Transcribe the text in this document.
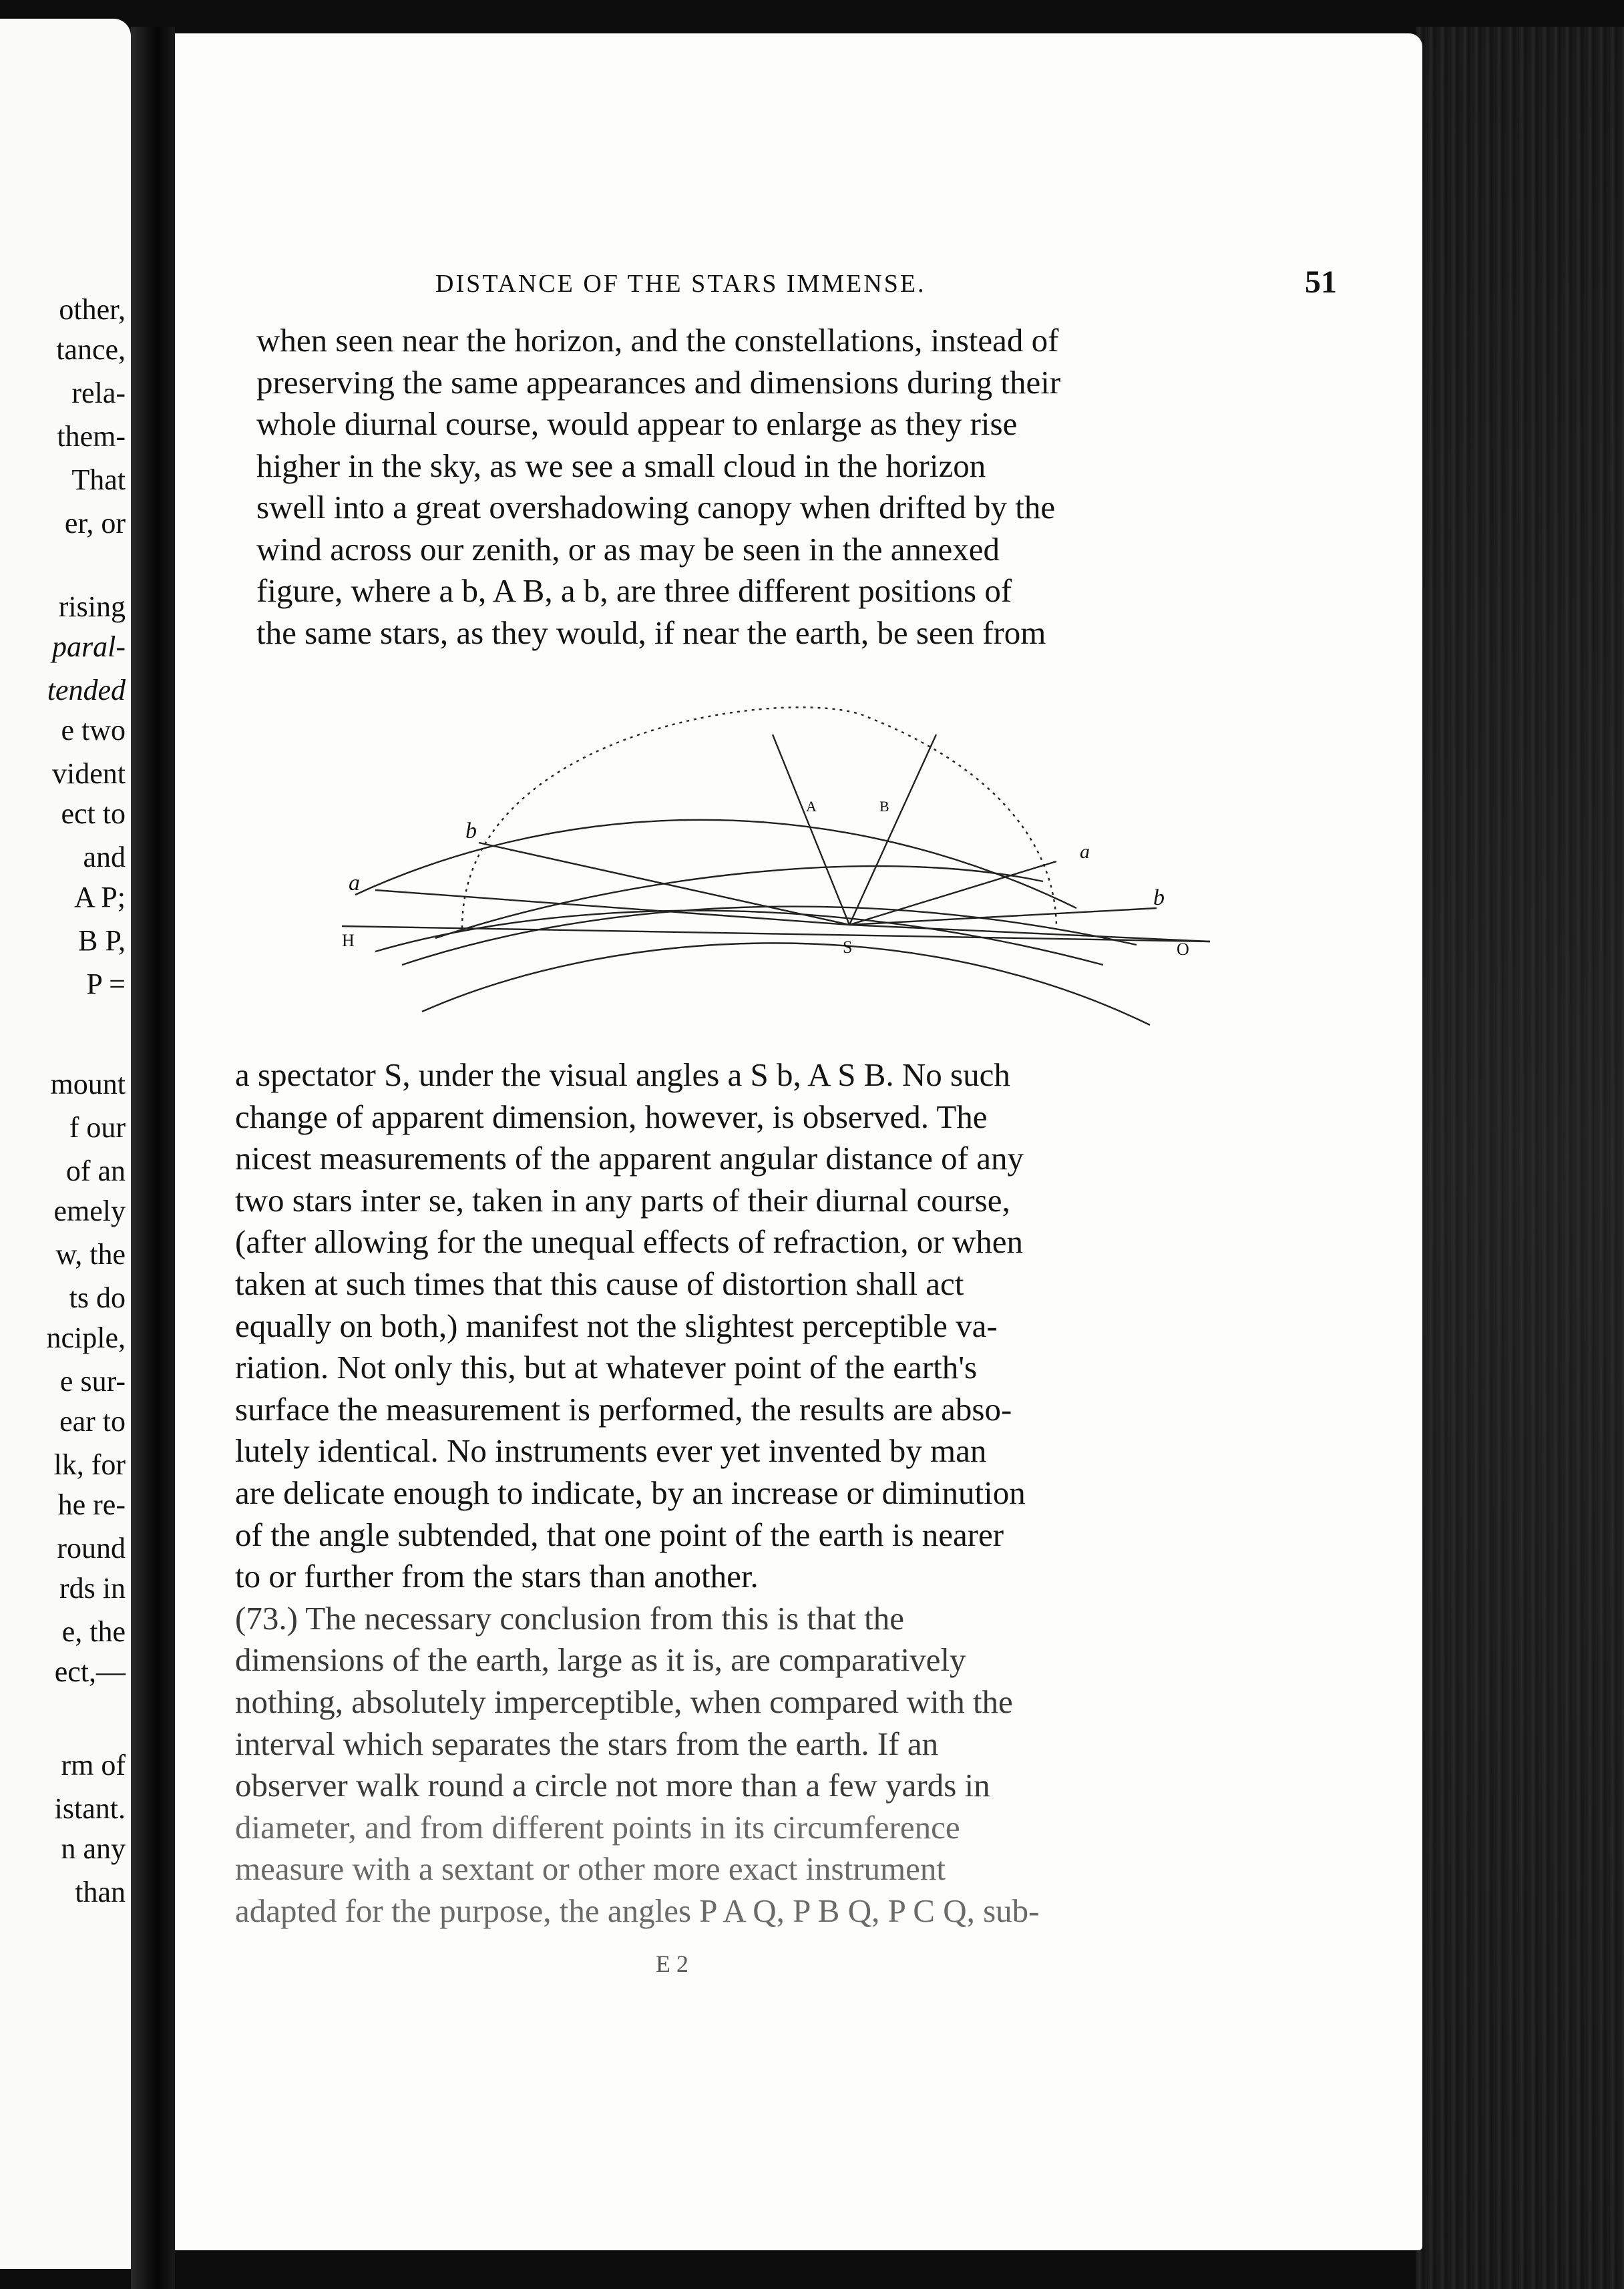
other,
tance,
rela-
them-
That
er, or
rising
paral-
tended
e two
vident
ect to
and
A P;
B P,
P =
mount
f our
of an
emely
w, the
ts do
nciple,
e sur-
ear to
lk, for
he re-
round
rds in
e, the
ect,—
rm of
istant.
n any
than
DISTANCE OF THE STARS IMMENSE.	51
when seen near the horizon, and the constellations, instead of
preserving the same appearances and dimensions during their
whole diurnal course, would appear to enlarge as they rise
higher in the sky, as we see a small cloud in the horizon
swell into a great overshadowing canopy when drifted by the
wind across our zenith, or as may be seen in the annexed
figure, where a b, A B, a b, are three different positions of
the same stars, as they would, if near the earth, be seen from
a
b
A	B
a
b
H	S	O
a spectator S, under the visual angles a S b, A S B. No such
change of apparent dimension, however, is observed. The
nicest measurements of the apparent angular distance of any
two stars inter se, taken in any parts of their diurnal course,
(after allowing for the unequal effects of refraction, or when
taken at such times that this cause of distortion shall act
equally on both,) manifest not the slightest perceptible va-
riation. Not only this, but at whatever point of the earth's
surface the measurement is performed, the results are abso-
lutely identical. No instruments ever yet invented by man
are delicate enough to indicate, by an increase or diminution
of the angle subtended, that one point of the earth is nearer
to or further from the stars than another.
(73.) The necessary conclusion from this is that the
dimensions of the earth, large as it is, are comparatively
nothing, absolutely imperceptible, when compared with the
interval which separates the stars from the earth. If an
observer walk round a circle not more than a few yards in
diameter, and from different points in its circumference
measure with a sextant or other more exact instrument
adapted for the purpose, the angles P A Q, P B Q, P C Q, sub-
E 2
